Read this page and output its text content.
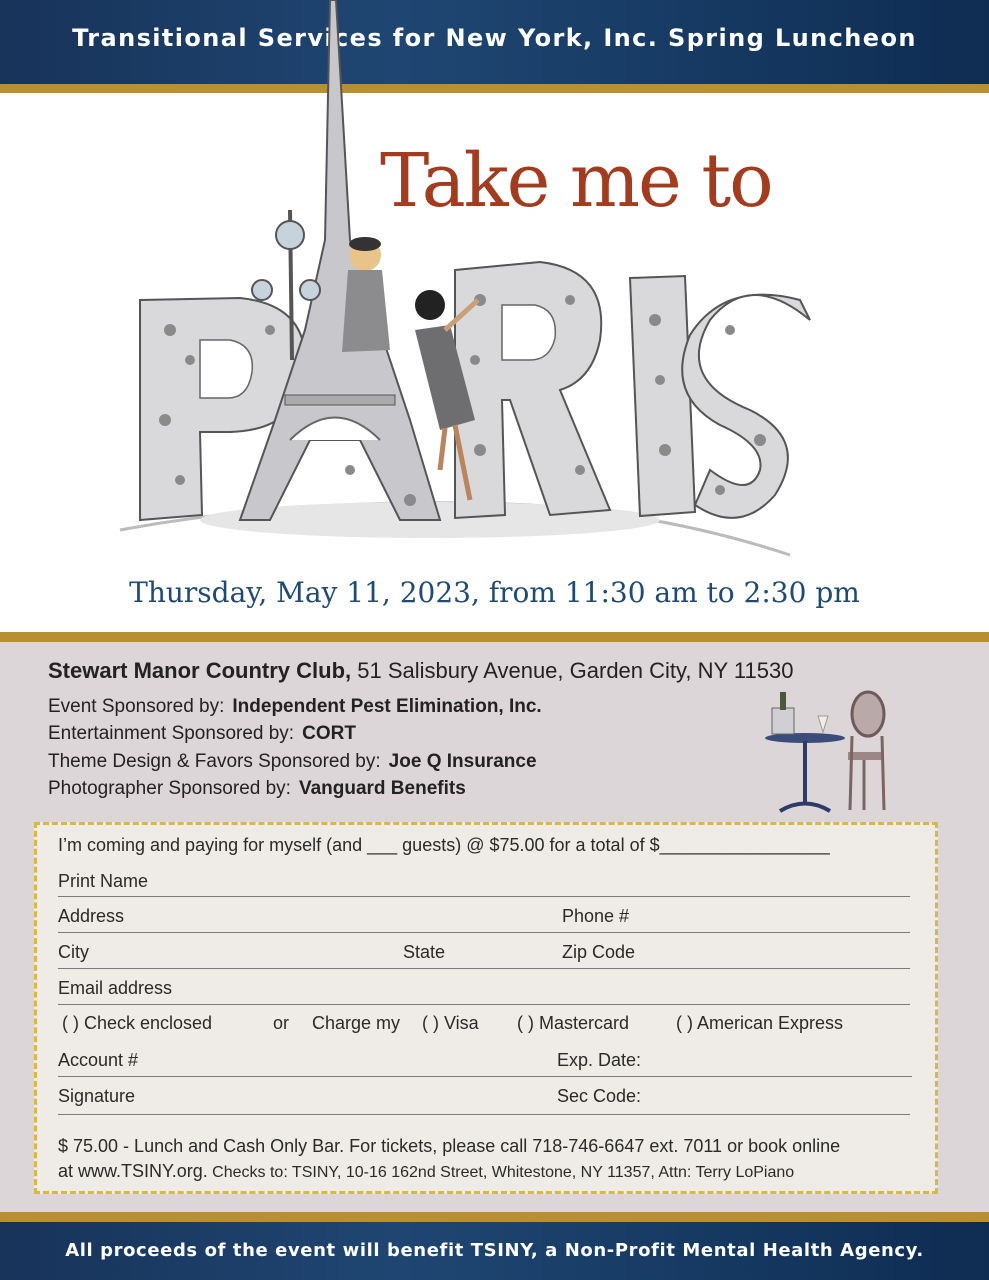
Transitional Services for New York, Inc. Spring Luncheon
Take me to
Thursday, May 11, 2023, from 11:30 am to 2:30 pm
Stewart Manor Country Club, 51 Salisbury Avenue, Garden City, NY 11530
Event Sponsored by: Independent Pest Elimination, Inc.
Entertainment Sponsored by: CORT
Theme Design & Favors Sponsored by: Joe Q Insurance
Photographer Sponsored by: Vanguard Benefits
I’m coming and paying for myself (and ___ guests) @ $75.00 for a total of $_________________
Print Name
Address	Phone #
City	State	Zip Code
Email address
( ) Check enclosed	or Charge my ( ) Visa ( ) Mastercard	( ) American Express
Account #	Exp. Date:
Signature	Sec Code:
$ 75.00 - Lunch and Cash Only Bar. For tickets, please call 718-746-6647 ext. 7011 or book online
at www.TSINY.org. Checks to: TSINY, 10-16 162nd Street, Whitestone, NY 11357, Attn: Terry LoPiano
All proceeds of the event will benefit TSINY, a Non-Profit Mental Health Agency.
